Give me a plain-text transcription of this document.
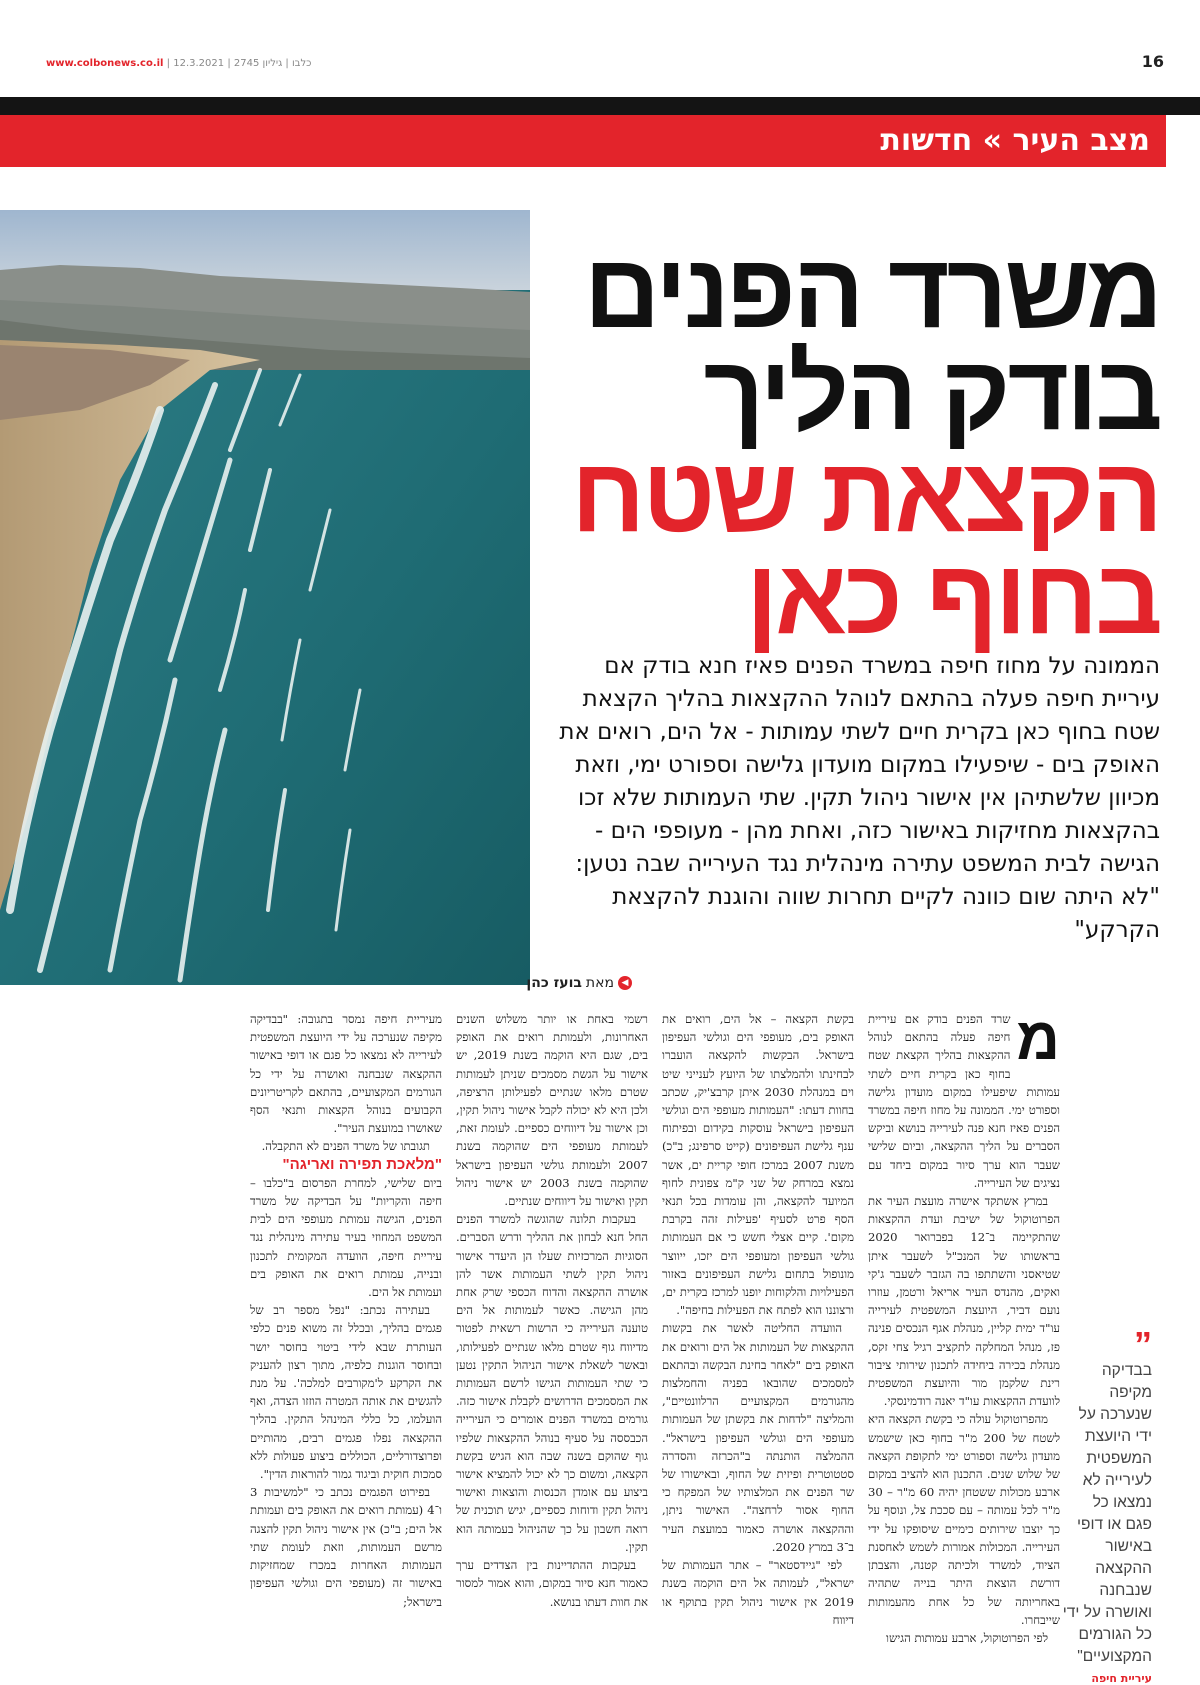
www.colbonews.co.il | כלבו | גיליון 2745 | 12.3.2021	16
מצב העיר » חדשות
משרד הפנים
בודק הליך
הקצאת שטח
בחוף כאן
הממונה על מחוז חיפה במשרד הפנים פאיז חנא בודק אם עיריית חיפה פעלה בהתאם לנוהל ההקצאות בהליך הקצאת שטח בחוף כאן בקרית חיים לשתי עמותות - אל הים, רואים את האופק בים - שיפעילו במקום מועדון גלישה וספורט ימי, וזאת מכיוון שלשתיהן אין אישור ניהול תקין. שתי העמותות שלא זכו בהקצאות מחזיקות באישור כזה, ואחת מהן - מעופפי הים - הגישה לבית המשפט עתירה מינהלית נגד העירייה שבה נטען: "לא היתה שום כוונה לקיים תחרות שווה והוגנת להקצאת הקרקע"
◀
מאת
בועז כהן
מ

שרד הפנים בודק אם עיריית חיפה פעלה בהתאם לנוהל ההקצאות בהליך הקצאת שטח בחוף כאן בקרית חיים לשתי עמותות שיפעילו במקום מועדון גלישה וספורט ימי. הממונה על מחוז חיפה במשרד הפנים פאיז חנא פנה לעירייה בנושא וביקש הסברים על הליך ההקצאה, וביום שלישי שעבר הוא ערך סיור במקום ביחד עם נציגים של העירייה.

במרץ אשתקד אישרה מועצת העיר את הפרוטוקול של ישיבת ועדת ההקצאות שהתקיימה ב־12 בפברואר 2020 בראשותו של המנכ"ל לשעבר איתן שטיאסני והשתתפו בה הגזבר לשעבר ג'קי ואקים, מהנדס העיר אריאל ורטמן, עוזרו נועם דביר, היועצת המשפטית לעירייה עו"ד ימית קליין, מנהלת אגף הנכסים פנינה פז, מנהל המחלקה לתקציב רגיל צחי זקס, מנהלת בכירה ביחידה לתכנון שירותי ציבור רינת שלקמן מור והיועצת המשפטית לוועדת ההקצאות עו"ד יאנה רודמינסקי.

מהפרוטוקול עולה כי בקשת הקצאה היא לשטח של 200 מ"ר בחוף כאן שישמש מועדון גלישה וספורט ימי לתקופת הקצאה של שלוש שנים. התכנון הוא להציב במקום ארבע מכולות ששטחן יהיה 60 מ"ר – 30 מ"ר לכל עמותה – עם סככת צל, ונוסף על כך יוצבו שירותים כימיים שיסופקו על ידי העירייה. המכולות אמורות לשמש לאחסנת הציוד, למשרד ולכיתה קטנה, והצבתן דורשת הוצאת היתר בנייה שתהיה באחריותה של כל אחת מהעמותות שייבחרו.

לפי הפרוטוקול, ארבע עמותות הגישו

בקשת הקצאה – אל הים, רואים את האופק בים, מעופפי הים וגולשי העפיפון בישראל. הבקשות להקצאה הועברו לבחינתו ולהמלצתו של היועץ לענייני שיט וים במנהלת 2030 איתן קרבצ'יק, שכתב בחוות דעתו: "העמותות מעופפי הים וגולשי העפיפון בישראל עוסקות בקידום ובפיתוח ענף גלישת העפיפונים (קייט סרפינג; ב"כ) משנת 2007 במרכז חופי קריית ים, אשר נמצא במרחק של שני ק"מ צפונית לחוף המיועד להקצאה, והן עומדות בכל תנאי הסף פרט לסעיף 'פעילות זהה בקרבת מקום'. קיים אצלי חשש כי אם העמותות גולשי העפיפון ומעופפי הים יזכו, ייווצר מונופול בתחום גלישת העפיפונים באזור הפעילויות והלקוחות יופנו למרכז בקרית ים, ורצוננו הוא לפתח את הפעילות בחיפה".

הוועדה החליטה לאשר את בקשות ההקצאות של העמותות אל הים ורואים את האופק בים "לאחר בחינת הבקשה ובהתאם למסמכים שהובאו בפניה והחמלצות מהגורמים המקצועיים הרלוונטיים", והמליצה "לדחות את בקשתן של העמותות מעופפי הים וגולשי העפיפון בישראל". ההמלצה הותנתה ב"הכרזה והסדרה סטטוטרית ופיזית של החוף, ובאישורו של שר הפנים את המלצותיו של המפקח כי החוף אסור לרחצה". האישור ניתן, וההקצאה אושרה כאמור במועצת העיר ב־3 במרץ 2020.

לפי "גיידסטאר" – אתר העמותות של ישראל", לעמותה אל הים הוקמה בשנת 2019 אין אישור ניהול תקין בתוקף או דיווח

רשמי באחת או יותר משלוש השנים האחרונות, ולעמותת רואים את האופק בים, שגם היא הוקמה בשנת 2019, יש אישור על הגשת מסמכים שניתן לעמותות שטרם מלאו שנתיים לפעילותן הרציפה, ולכן היא לא יכולה לקבל אישור ניהול תקין, וכן אישור על דיווחים כספיים. לעומת זאת, לעמותת מעופפי הים שהוקמה בשנת 2007 ולעמותת גולשי העפיפון בישראל שהוקמה בשנת 2003 יש אישור ניהול תקין ואישור על דיווחים שנתיים.

בעקבות תלונה שהוגשה למשרד הפנים החל חנא לבחון את ההליך ודרש הסברים. הסוגיות המרכזיות שעלו הן היעדר אישור ניהול תקין לשתי העמותות אשר להן אושרה ההקצאה והדוח הכספי שרק אחת מהן הגישה. כאשר לעמותות אל הים טוענה העירייה כי הרשות רשאית לפטור מדיווח גוף שטרם מלאו שנתיים לפעילותו, ובאשר לשאלת אישור הניהול התקין נטען כי שתי העמותות הגישו לרשם העמותות את המסמכים הדרושים לקבלת אישור כזה. גורמים במשרד הפנים אומרים כי העירייה הכבססה על סעיף בנוהל ההקצאות שלפיו גוף שהוקם בשנה שבה הוא הגיש בקשת הקצאה, ומשום כך לא יכול להמציא אישור ביצוע עם אומדן הכנסות והוצאות ואישור ניהול תקין ודוחות כספיים, יגיש תוכנית של רואה חשבון על כך שהניהול בעמותה הוא תקין.

בעקבות ההתדיינות בין הצדדים ערך כאמור חנא סיור במקום, והוא אמור למסור את חוות דעתו בנושא.

מעיריית חיפה נמסר בתגובה: "בבדיקה מקיפה שנערכה על ידי היועצת המשפטית לעירייה לא נמצאו כל פגם או דופי באישור ההקצאה שנבחנה ואושרה על ידי כל הגורמים המקצועיים, בהתאם לקריטריונים הקבועים בנוהל הקצאות ותנאי הסף שאושרו במועצת העיר".

תגובתו של משרד הפנים לא התקבלה.

"מלאכת תפירה ואריגה"

ביום שלישי, למחרת הפרסום ב"כלבו – חיפה והקריות" על הבדיקה של משרד הפנים, הגישה עמותת מעופפי הים לבית המשפט המחוזי בעיר עתירה מינהלית נגד עיריית חיפה, הוועדה המקומית לתכנון ובנייה, עמותת רואים את האופק בים ועמותת אל הים.

בעתירה נכתב: "נפל מספר רב של פגמים בהליך, ובכלל זה משוא פנים כלפי העותרת שבא לידי ביטוי בחוסר יושר ובחוסר הוגנות כלפיה, מתוך רצון להעניק את הקרקע ל'מקורבים למלכה'. על מנת להגשים את אותה המטרה הוזזו הצדה, ואף הועלמו, כל כללי המינהל התקין. בהליך ההקצאה נפלו פגמים רבים, מהותיים ופרוצדורליים, הכוללים ביצוע פעולות ללא סמכות חוקית וביגוד גמור להוראות הדין".

בפירוט הפגמים נכתב כי "למשיבות 3 ו־4 (עמותת רואים את האופק בים ועמותת אל הים; ב"כ) אין אישור ניהול תקין להצגה מרשם העמותות, וזאת לעומת שתי העמותות האחרות במכרז שמחזיקות באישור זה (מעופפי הים וגולשי העפיפון בישראל;

”
בבדיקה מקיפה שנערכה על ידי היועצת המשפטית לעירייה לא נמצאו כל פגם או דופי באישור ההקצאה שנבחנה ואושרה על ידי כל הגורמים המקצועיים"
עיריית חיפה
